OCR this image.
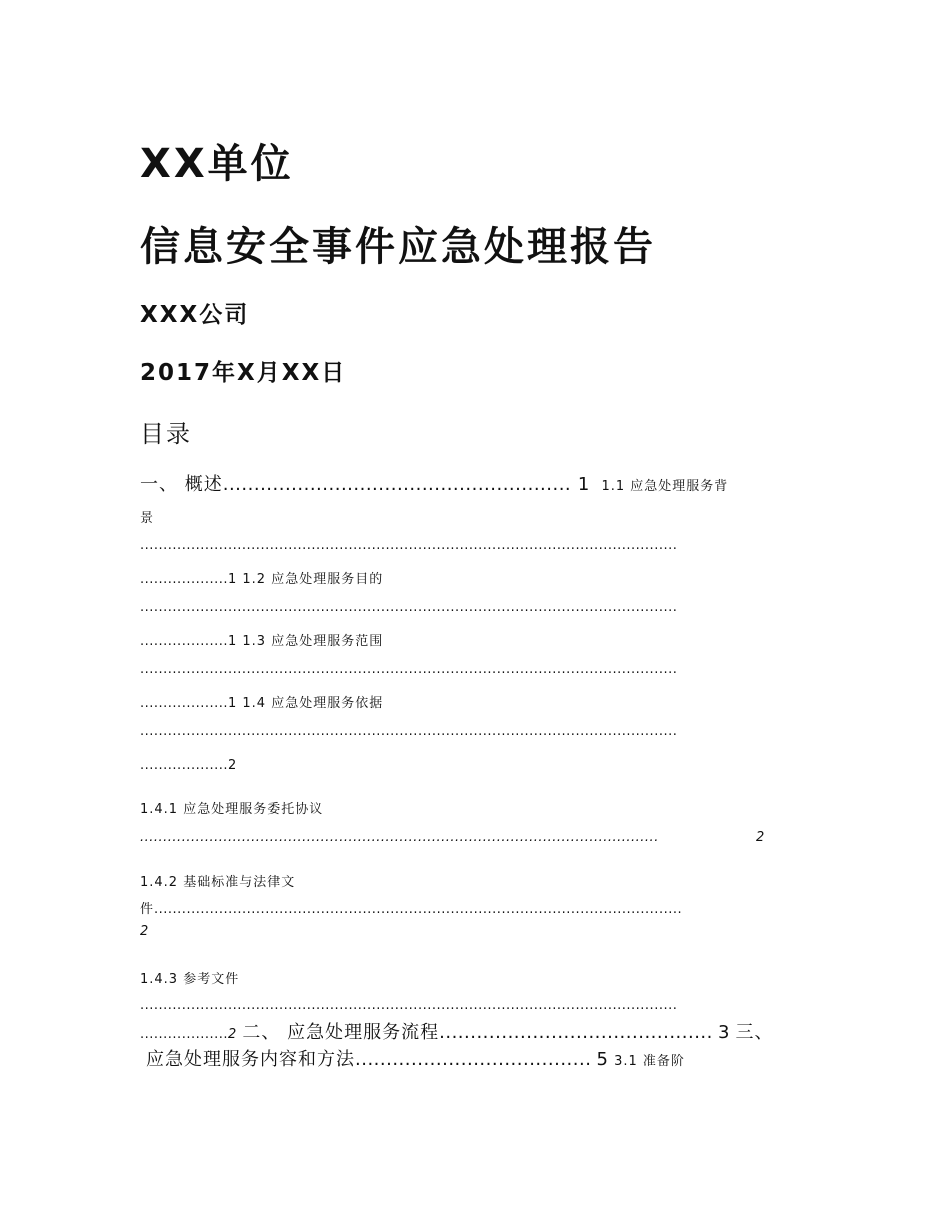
XX单位
信息安全事件应急处理报告
XXX公司
2017年X月XX日
目录
一、 概述........................................................ 1 1.1 应急处理服务背
景
....................................................................................................................
...................1 1.2 应急处理服务目的
....................................................................................................................
...................1 1.3 应急处理服务范围
....................................................................................................................
...................1 1.4 应急处理服务依据
....................................................................................................................
...................2
1.4.1 应急处理服务委托协议
................................................................................................................	2
1.4.2 基础标准与法律文
件..................................................................................................................
2
1.4.3 参考文件
....................................................................................................................
...................2 二、 应急处理服务流程............................................ 3 三、
应急处理服务内容和方法...................................... 5 3.1 准备阶
